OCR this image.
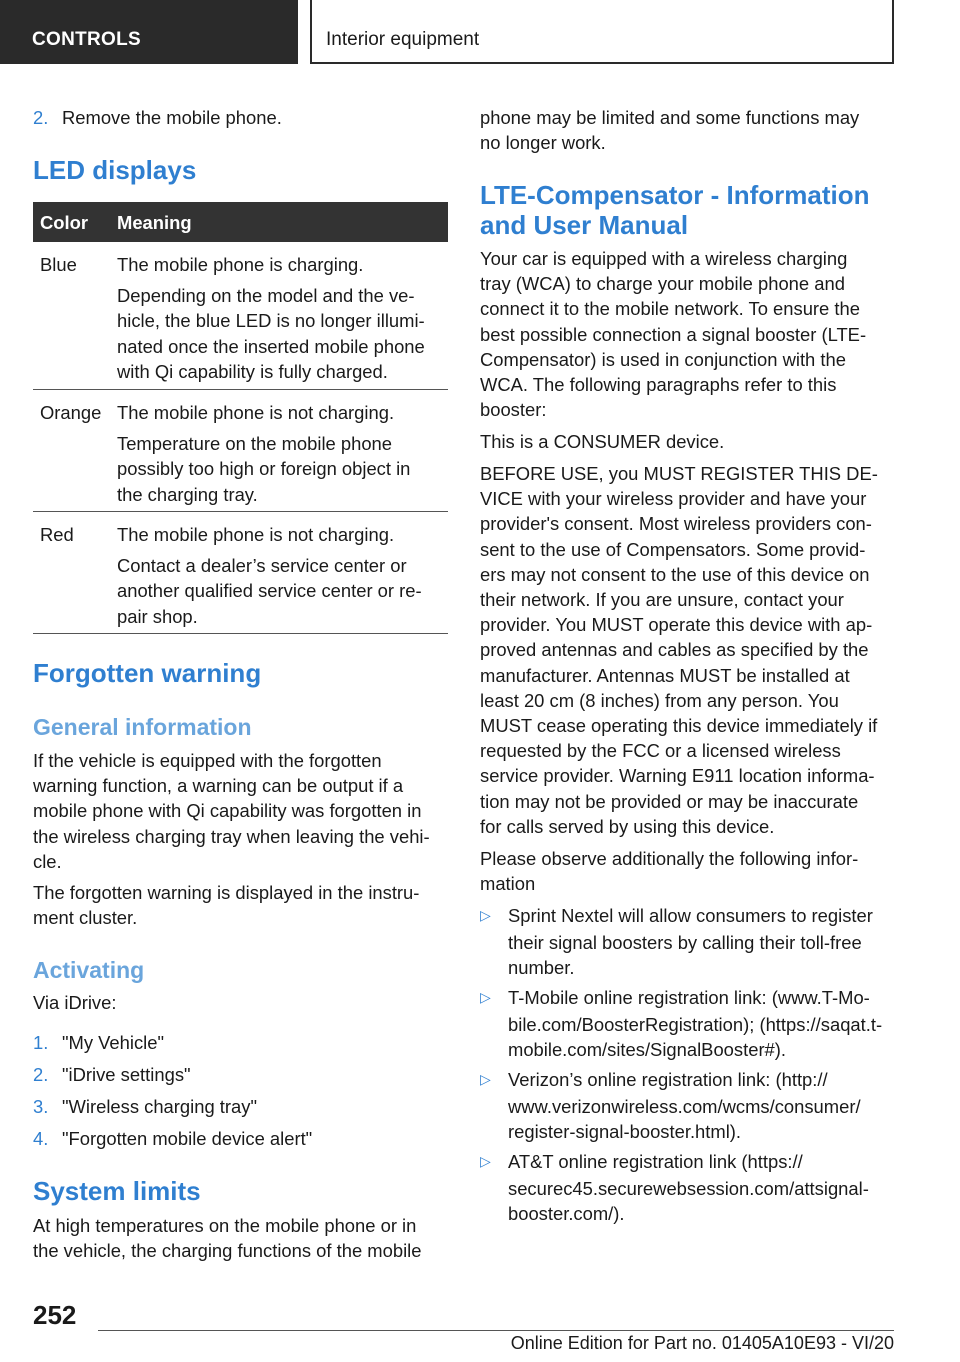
CONTROLS	Interior equipment
2. Remove the mobile phone.
LED displays
Color Meaning
Blue The mobile phone is charging.
Depending on the model and the ve-
hicle, the blue LED is no longer illumi-
nated once the inserted mobile phone
with Qi capability is fully charged.
Orange The mobile phone is not charging.
Temperature on the mobile phone
possibly too high or foreign object in
the charging tray.
Red The mobile phone is not charging.
Contact a dealer’s service center or
another qualified service center or re-
pair shop.
Forgotten warning
General information
If the vehicle is equipped with the forgotten
warning function, a warning can be output if a
mobile phone with Qi capability was forgotten in
the wireless charging tray when leaving the vehi-
cle.
The forgotten warning is displayed in the instru-
ment cluster.
Activating
Via iDrive:
1. "My Vehicle"
2. "iDrive settings"
3. "Wireless charging tray"
4. "Forgotten mobile device alert"
System limits
At high temperatures on the mobile phone or in
the vehicle, the charging functions of the mobile
phone may be limited and some functions may
no longer work.
LTE-Compensator - Information
and User Manual
Your car is equipped with a wireless charging
tray (WCA) to charge your mobile phone and
connect it to the mobile network. To ensure the
best possible connection a signal booster (LTE-
Compensator) is used in conjunction with the
WCA. The following paragraphs refer to this
booster:
This is a CONSUMER device.
BEFORE USE, you MUST REGISTER THIS DE-
VICE with your wireless provider and have your
provider's consent. Most wireless providers con-
sent to the use of Compensators. Some provid-
ers may not consent to the use of this device on
their network. If you are unsure, contact your
provider. You MUST operate this device with ap-
proved antennas and cables as specified by the
manufacturer. Antennas MUST be installed at
least 20 cm (8 inches) from any person. You
MUST cease operating this device immediately if
requested by the FCC or a licensed wireless
service provider. Warning E911 location informa-
tion may not be provided or may be inaccurate
for calls served by using this device.
Please observe additionally the following infor-
mation
▷ Sprint Nextel will allow consumers to register
their signal boosters by calling their toll-free
number.
▷ T-Mobile online registration link: (www.T-Mo-
bile.com/BoosterRegistration); (https://saqat.t-
mobile.com/sites/SignalBooster#).
▷ Verizon’s online registration link: (http://
www.verizonwireless.com/wcms/consumer/
register-signal-booster.html).
▷ AT&T online registration link (https://
securec45.securewebsession.com/attsignal-
booster.com/).
252
Online Edition for Part no. 01405A10E93 - VI/20
